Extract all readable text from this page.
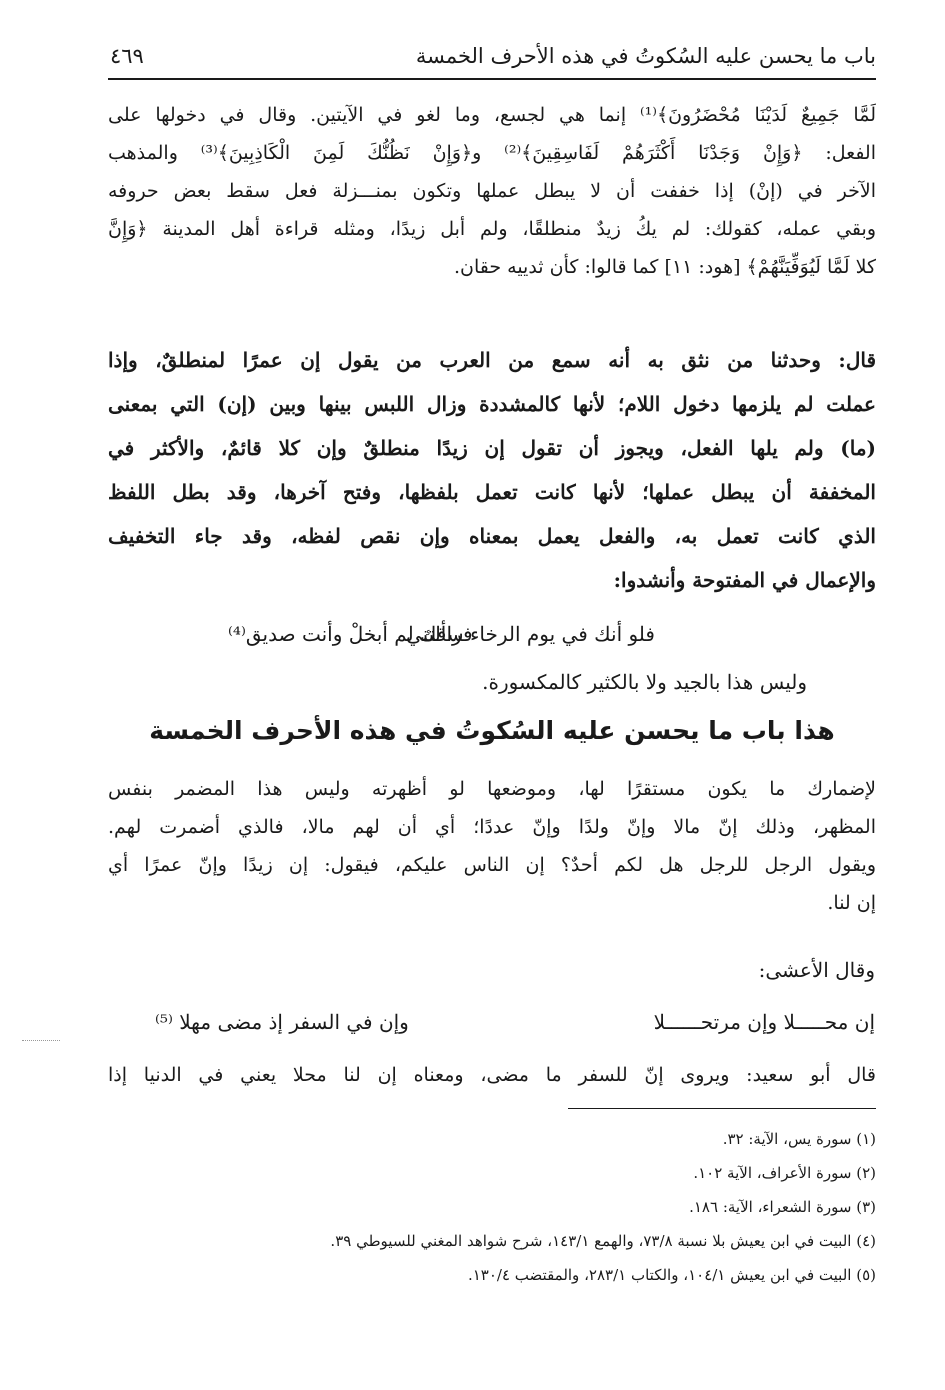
باب ما يحسن عليه السُكوتُ في هذه الأحرف الخمسة
٤٦٩
لَمَّا جَمِيعٌ لَدَيْنَا مُحْضَرُونَ﴾⁽¹⁾ إنما هي لجسع، وما لغو في الآيتين. وقال في دخولها على
الفعل: ﴿وَإِنْ وَجَدْنَا أَكْثَرَهُمْ لَفَاسِقِينَ﴾⁽²⁾ و﴿وَإِنْ نَظُنُّكَ لَمِنَ الْكَاذِبِينَ﴾⁽³⁾ والمذهب
الآخر في (إنْ) إذا خففت أن لا يبطل عملها وتكون بمنـــزلة فعل سقط بعض حروفه
وبقي عمله، كقولك: لم يكُ زيدٌ منطلقًا، ولم أبل زيدًا، ومثله قراءة أهل المدينة ﴿وَإِنَّ
كلا لَمَّا لَيُوَفِّيَنَّهُمْ﴾ [هود: ١١] كما قالوا: كأن ثدييه حقان.
قال: وحدثنا من نثق به أنه سمع من العرب من يقول إن عمرًا لمنطلقٌ، وإذا
عملت لم يلزمها دخول اللام؛ لأنها كالمشددة وزال اللبس بينها وبين (إن) التي بمعنى
(ما) ولم يلها الفعل، ويجوز أن تقول إن زيدًا منطلقٌ وإن كلا قائمٌ، والأكثر في
المخففة أن يبطل عملها؛ لأنها كانت تعمل بلفظها، وفتح آخرها، وقد بطل اللفظ
الذي كانت تعمل به، والفعل يعمل بمعناه وإن نقص لفظه، وقد جاء التخفيف
والإعمال في المفتوحة وأنشدوا:
فلو أنك في يوم الرخاء سألتني
فراقك لم أبخلْ وأنت صديق⁽⁴⁾
وليس هذا بالجيد ولا بالكثير كالمكسورة.
هذا باب ما يحسن عليه السُكوتُ في هذه الأحرف الخمسة
لإضمارك ما يكون مستقرًا لها، وموضعها لو أظهرته وليس هذا المضمر بنفس
المظهر، وذلك إنّ مالا وإنّ ولدًا وإنّ عددًا؛ أي أن لهم مالا، فالذي أضمرت لهم.
ويقول الرجل للرجل هل لكم أحدٌ؟ إن الناس عليكم، فيقول: إن زيدًا وإنّ عمرًا أي
إن لنا.
وقال الأعشى:
إن محـــــلا وإن مرتحــــــلا
وإن في السفر إذ مضى مهلا ⁽⁵⁾
قال أبو سعيد: ويروى إنّ للسفر ما مضى، ومعناه إن لنا محلا يعني في الدنيا إذا
(١) سورة يس، الآية: ٣٢.
(٢) سورة الأعراف، الآية ١٠٢.
(٣) سورة الشعراء، الآية: ١٨٦.
(٤) البيت في ابن يعيش بلا نسبة ٧٣/٨، والهمع ١٤٣/١، شرح شواهد المغني للسيوطي ٣٩.
(٥) البيت في ابن يعيش ١٠٤/١، والكتاب ٢٨٣/١، والمقتضب ١٣٠/٤.
